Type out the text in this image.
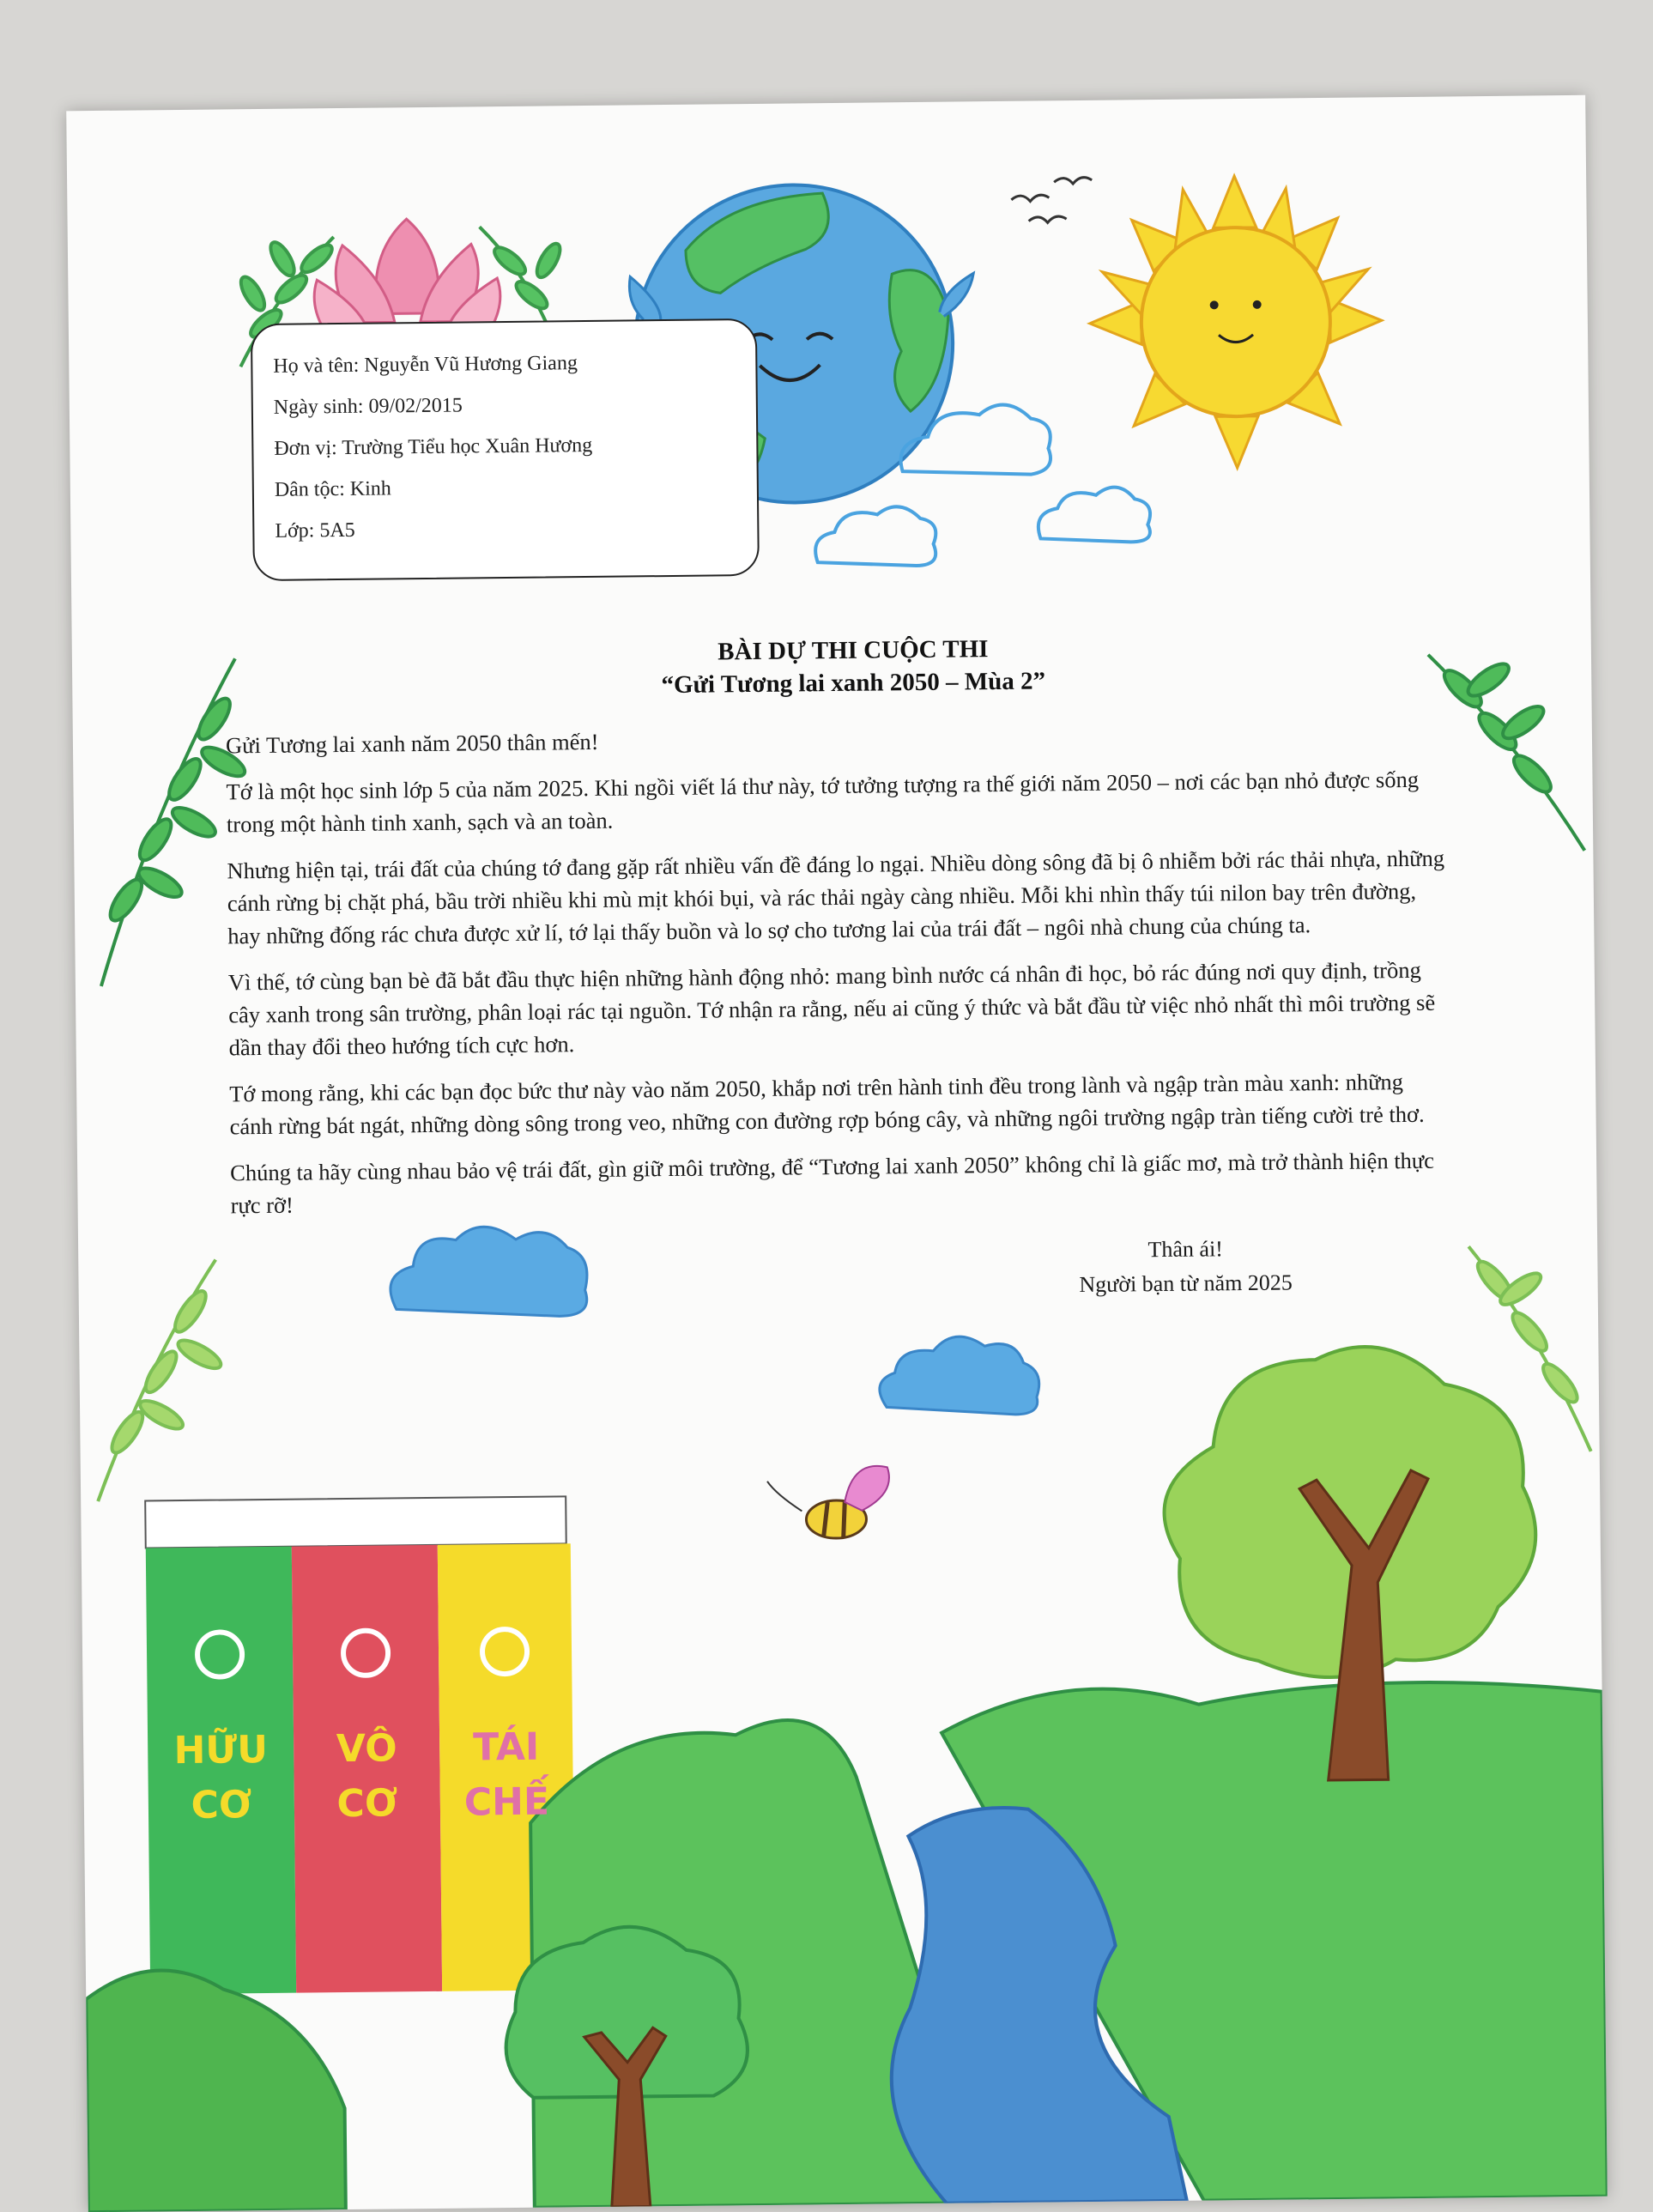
Họ và tên: Nguyễn Vũ Hương Giang
Ngày sinh: 09/02/2015
Đơn vị: Trường Tiểu học Xuân Hương
Dân tộc: Kinh
Lớp: 5A5
BÀI DỰ THI CUỘC THI
“Gửi Tương lai xanh 2050 – Mùa 2”

Gửi Tương lai xanh năm 2050 thân mến!

Tớ là một học sinh lớp 5 của năm 2025. Khi ngồi viết lá thư này, tớ tưởng tượng ra thế giới năm 2050 – nơi các bạn nhỏ được sống trong một hành tinh xanh, sạch và an toàn.

Nhưng hiện tại, trái đất của chúng tớ đang gặp rất nhiều vấn đề đáng lo ngại. Nhiều dòng sông đã bị ô nhiễm bởi rác thải nhựa, những cánh rừng bị chặt phá, bầu trời nhiều khi mù mịt khói bụi, và rác thải ngày càng nhiều. Mỗi khi nhìn thấy túi nilon bay trên đường, hay những đống rác chưa được xử lí, tớ lại thấy buồn và lo sợ cho tương lai của trái đất – ngôi nhà chung của chúng ta.

Vì thế, tớ cùng bạn bè đã bắt đầu thực hiện những hành động nhỏ: mang bình nước cá nhân đi học, bỏ rác đúng nơi quy định, trồng cây xanh trong sân trường, phân loại rác tại nguồn. Tớ nhận ra rằng, nếu ai cũng ý thức và bắt đầu từ việc nhỏ nhất thì môi trường sẽ dần thay đổi theo hướng tích cực hơn.

Tớ mong rằng, khi các bạn đọc bức thư này vào năm 2050, khắp nơi trên hành tinh đều trong lành và ngập tràn màu xanh: những cánh rừng bát ngát, những dòng sông trong veo, những con đường rợp bóng cây, và những ngôi trường ngập tràn tiếng cười trẻ thơ.

Chúng ta hãy cùng nhau bảo vệ trái đất, gìn giữ môi trường, để “Tương lai xanh 2050” không chỉ là giấc mơ, mà trở thành hiện thực rực rỡ!

Thân ái!
Người bạn từ năm 2025
HỮU
CƠ
VÔ
CƠ
TÁI
CHẾ
